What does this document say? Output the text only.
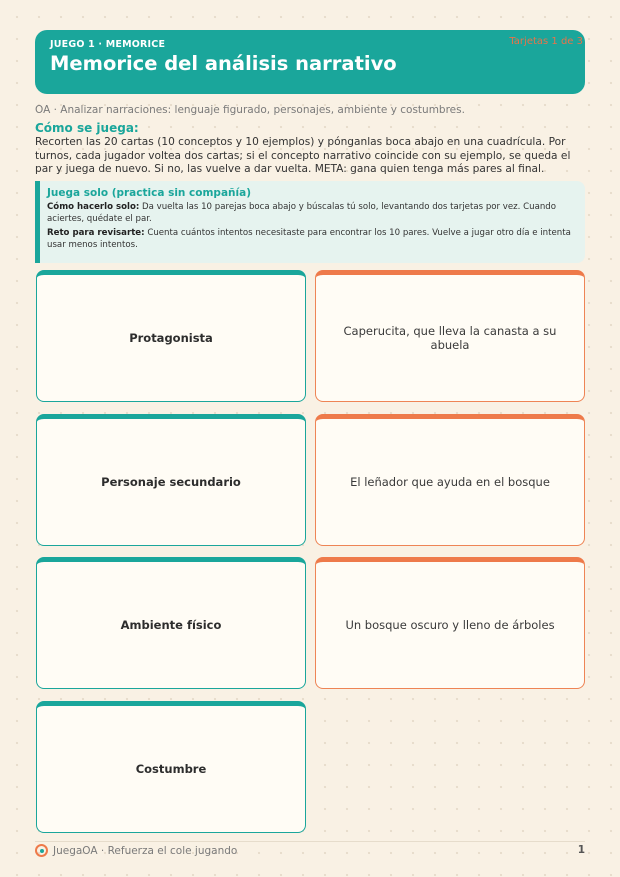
JUEGO 1 · MEMORICE
Memorice del análisis narrativo
Tarjetas 1 de 3
OA · Analizar narraciones: lenguaje figurado, personajes, ambiente y costumbres.
Cómo se juega:
Recorten las 20 cartas (10 conceptos y 10 ejemplos) y pónganlas boca abajo en una cuadrícula. Por turnos, cada jugador voltea dos cartas; si el concepto narrativo coincide con su ejemplo, se queda el par y juega de nuevo. Si no, las vuelve a dar vuelta. META: gana quien tenga más pares al final.
Juega solo (practica sin compañía)
Cómo hacerlo solo: Da vuelta las 10 parejas boca abajo y búscalas tú solo, levantando dos tarjetas por vez. Cuando aciertes, quédate el par.
Reto para revisarte: Cuenta cuántos intentos necesitaste para encontrar los 10 pares. Vuelve a jugar otro día e intenta usar menos intentos.
Protagonista	Caperucita, que lleva la canasta a su abuela
Personaje secundario	El leñador que ayuda en el bosque
Ambiente físico	Un bosque oscuro y lleno de árboles
Costumbre
JuegaOA · Refuerza el cole jugando	1
